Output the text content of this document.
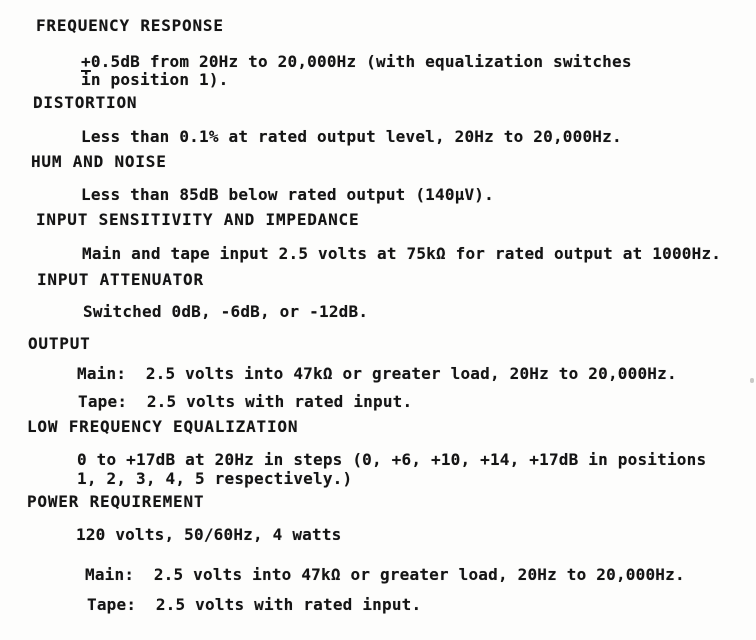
FREQUENCY RESPONSE
+0.5dB from 20Hz to 20,000Hz (with equalization switches
in position 1).
DISTORTION
Less than 0.1% at rated output level, 20Hz to 20,000Hz.
HUM AND NOISE
Less than 85dB below rated output (140μV).
INPUT SENSITIVITY AND IMPEDANCE
Main and tape input 2.5 volts at 75kΩ for rated output at 1000Hz.
INPUT ATTENUATOR
Switched 0dB, -6dB, or -12dB.
OUTPUT
Main:  2.5 volts into 47kΩ or greater load, 20Hz to 20,000Hz.
Tape:  2.5 volts with rated input.
LOW FREQUENCY EQUALIZATION
0 to +17dB at 20Hz in steps (0, +6, +10, +14, +17dB in positions
1, 2, 3, 4, 5 respectively.)
POWER REQUIREMENT
120 volts, 50/60Hz, 4 watts
Main:  2.5 volts into 47kΩ or greater load, 20Hz to 20,000Hz.
Tape:  2.5 volts with rated input.
